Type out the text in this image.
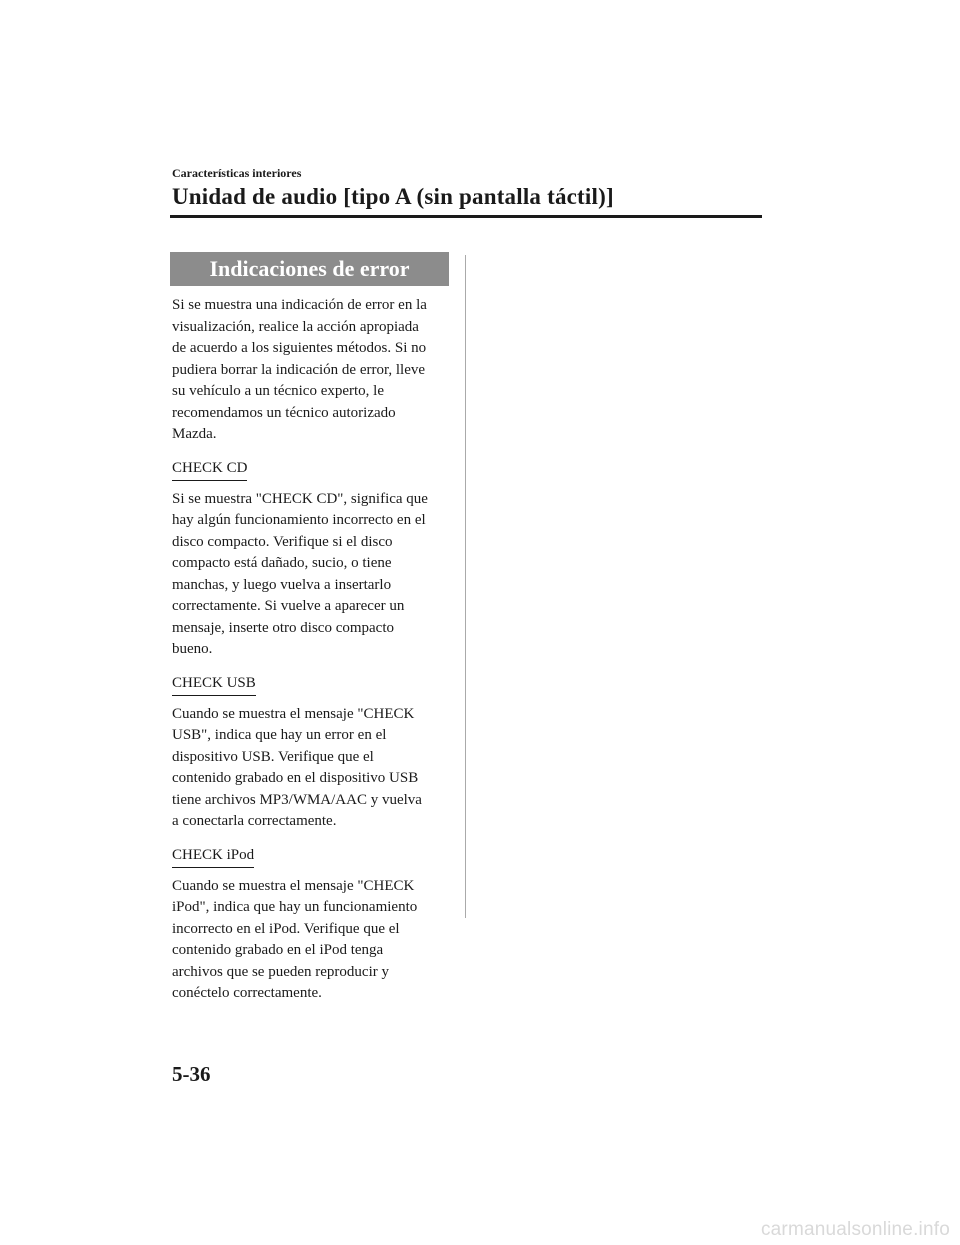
Características interiores
Unidad de audio [tipo A (sin pantalla táctil)]
Indicaciones de error

Si se muestra una indicación de error en la
visualización, realice la acción apropiada
de acuerdo a los siguientes métodos. Si no
pudiera borrar la indicación de error, lleve
su vehículo a un técnico experto, le
recomendamos un técnico autorizado
Mazda.

CHECK CD

Si se muestra "CHECK CD", significa que
hay algún funcionamiento incorrecto en el
disco compacto. Verifique si el disco
compacto está dañado, sucio, o tiene
manchas, y luego vuelva a insertarlo
correctamente. Si vuelve a aparecer un
mensaje, inserte otro disco compacto
bueno.

CHECK USB

Cuando se muestra el mensaje "CHECK
USB", indica que hay un error en el
dispositivo USB. Verifique que el
contenido grabado en el dispositivo USB
tiene archivos MP3/WMA/AAC y vuelva
a conectarla correctamente.

CHECK iPod

Cuando se muestra el mensaje "CHECK
iPod", indica que hay un funcionamiento
incorrecto en el iPod. Verifique que el
contenido grabado en el iPod tenga
archivos que se pueden reproducir y
conéctelo correctamente.

5-36
carmanualsonline.info
